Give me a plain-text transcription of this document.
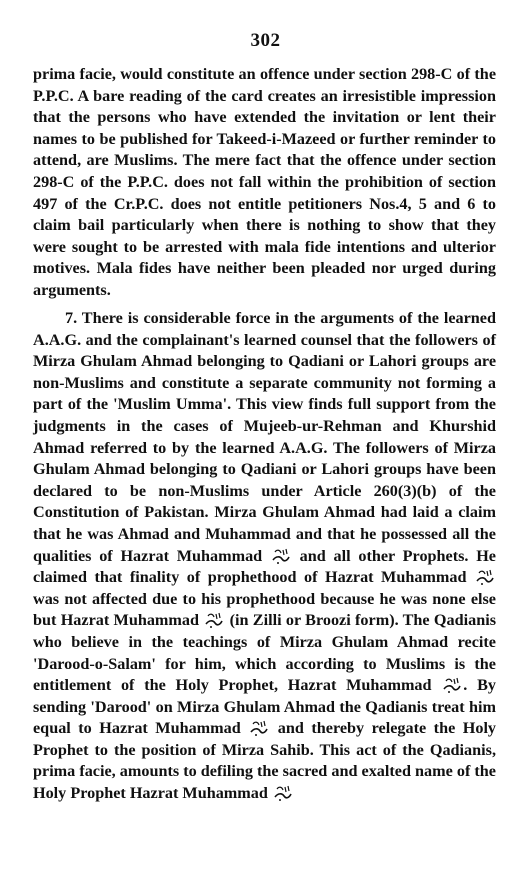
302
prima facie, would constitute an offence under section 298-C of the P.P.C. A bare reading of the card creates an irresistible impression that the persons who have extended the invitation or lent their names to be published for Takeed-i-Mazeed or further reminder to attend, are Muslims. The mere fact that the offence under section 298-C of the P.P.C. does not fall within the prohibition of section 497 of the Cr.P.C. does not entitle petitioners Nos.4, 5 and 6 to claim bail particularly when there is nothing to show that they were sought to be arrested with mala fide intentions and ulterior motives. Mala fides have neither been pleaded nor urged during arguments.
7. There is considerable force in the arguments of the learned A.A.G. and the complainant's learned counsel that the followers of Mirza Ghulam Ahmad belonging to Qadiani or Lahori groups are non-Muslims and constitute a separate community not forming a part of the 'Muslim Umma'. This view finds full support from the judgments in the cases of Mujeeb-ur-Rehman and Khurshid Ahmad referred to by the learned A.A.G. The followers of Mirza Ghulam Ahmad belonging to Qadiani or Lahori groups have been declared to be non-Muslims under Article 260(3)(b) of the Constitution of Pakistan. Mirza Ghulam Ahmad had laid a claim that he was Ahmad and Muhammad and that he possessed all the qualities of Hazrat Muhammad and all other Prophets. He claimed that finality of prophethood of Hazrat Muhammad
was not affected due to his prophethood because he was none else but Hazrat Muhammad (in Zilli or Broozi form). The Qadianis who believe in the teachings of Mirza Ghulam Ahmad recite 'Darood-o-Salam' for him, which according to Muslims is the entitlement of the Holy Prophet, Hazrat Muhammad . By sending 'Darood' on Mirza Ghulam Ahmad the Qadianis treat him equal to Hazrat Muhammad and thereby relegate the Holy Prophet to the position of Mirza Sahib. This act of the Qadianis, prima facie, amounts to defiling the sacred and exalted name of the Holy Prophet Hazrat Muhammad
